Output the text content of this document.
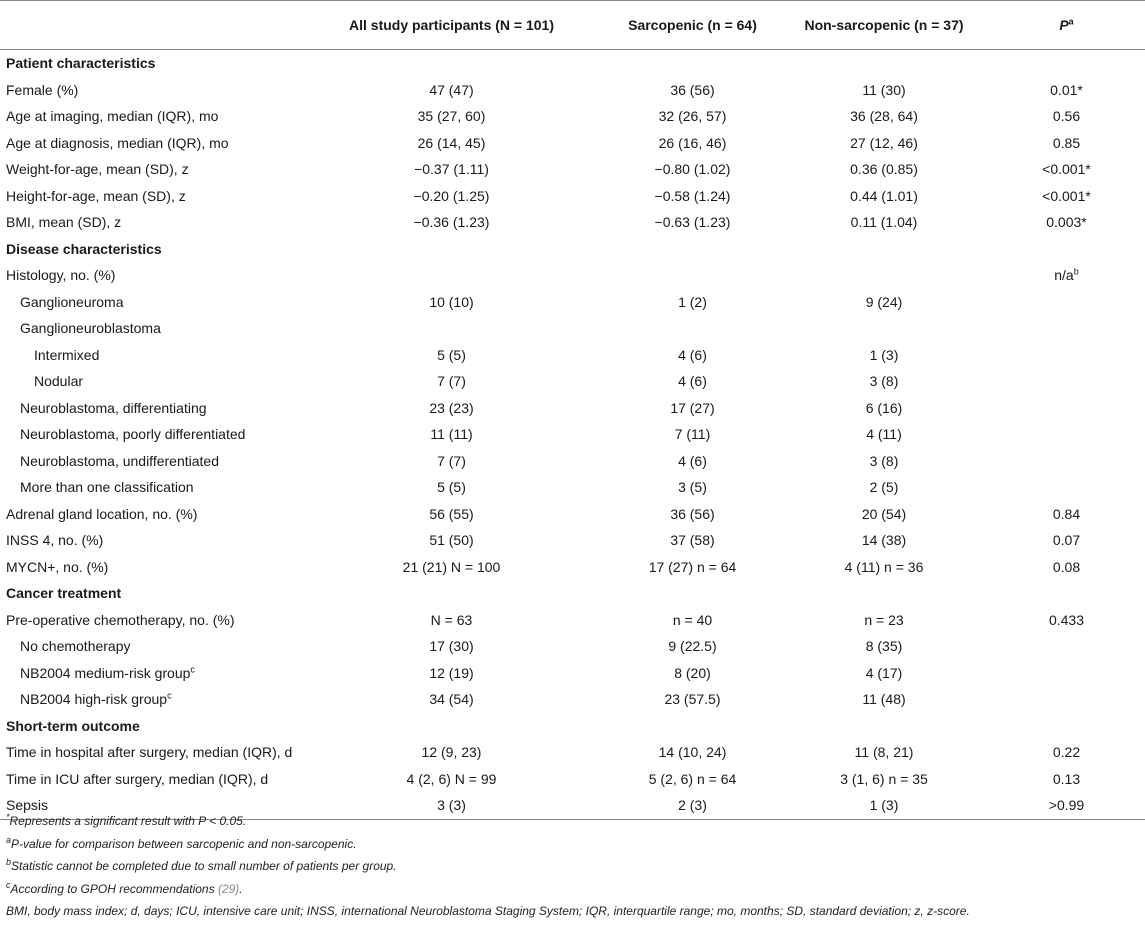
	All study participants (N = 101)	Sarcopenic (n = 64)	Non-sarcopenic (n = 37)	$P^a$
Patient characteristics				
Female (%)	47 (47)	36 (56)	11 (30)	0.01*
Age at imaging, median (IQR), mo	35 (27, 60)	32 (26, 57)	36 (28, 64)	0.56
Age at diagnosis, median (IQR), mo	26 (14, 45)	26 (16, 46)	27 (12, 46)	0.85
Weight-for-age, mean (SD), z	−0.37 (1.11)	−0.80 (1.02)	0.36 (0.85)	<0.001*
Height-for-age, mean (SD), z	−0.20 (1.25)	−0.58 (1.24)	0.44 (1.01)	<0.001*
BMI, mean (SD), z	−0.36 (1.23)	−0.63 (1.23)	0.11 (1.04)	0.003*
Disease characteristics				
Histology, no. (%)				$n/a^b$
Ganglioneuroma	10 (10)	1 (2)	9 (24)	
Ganglioneuroblastoma				
Intermixed	5 (5)	4 (6)	1 (3)	
Nodular	7 (7)	4 (6)	3 (8)	
Neuroblastoma, differentiating	23 (23)	17 (27)	6 (16)	
Neuroblastoma, poorly differentiated	11 (11)	7 (11)	4 (11)	
Neuroblastoma, undifferentiated	7 (7)	4 (6)	3 (8)	
More than one classification	5 (5)	3 (5)	2 (5)	
Adrenal gland location, no. (%)	56 (55)	36 (56)	20 (54)	0.84
INSS 4, no. (%)	51 (50)	37 (58)	14 (38)	0.07
MYCN+, no. (%)	21 (21) N = 100	17 (27) n = 64	4 (11) n = 36	0.08
Cancer treatment				
Pre-operative chemotherapy, no. (%)	N = 63	n = 40	n = 23	0.433
No chemotherapy	17 (30)	9 (22.5)	8 (35)	
NB2004 medium-risk group$^c$	12 (19)	8 (20)	4 (17)	
NB2004 high-risk group$^c$	34 (54)	23 (57.5)	11 (48)	
Short-term outcome				
Time in hospital after surgery, median (IQR), d	12 (9, 23)	14 (10, 24)	11 (8, 21)	0.22
Time in ICU after surgery, median (IQR), d	4 (2, 6) N = 99	5 (2, 6) n = 64	3 (1, 6) n = 35	0.13
Sepsis	3 (3)	2 (3)	1 (3)	>0.99
*Represents a significant result with P < 0.05.
$^a$P-value for comparison between sarcopenic and non-sarcopenic.
$^b$Statistic cannot be completed due to small number of patients per group.
$^c$According to GPOH recommendations (29).
BMI, body mass index; d, days; ICU, intensive care unit; INSS, international Neuroblastoma Staging System; IQR, interquartile range; mo, months; SD, standard deviation; z, z-score.
